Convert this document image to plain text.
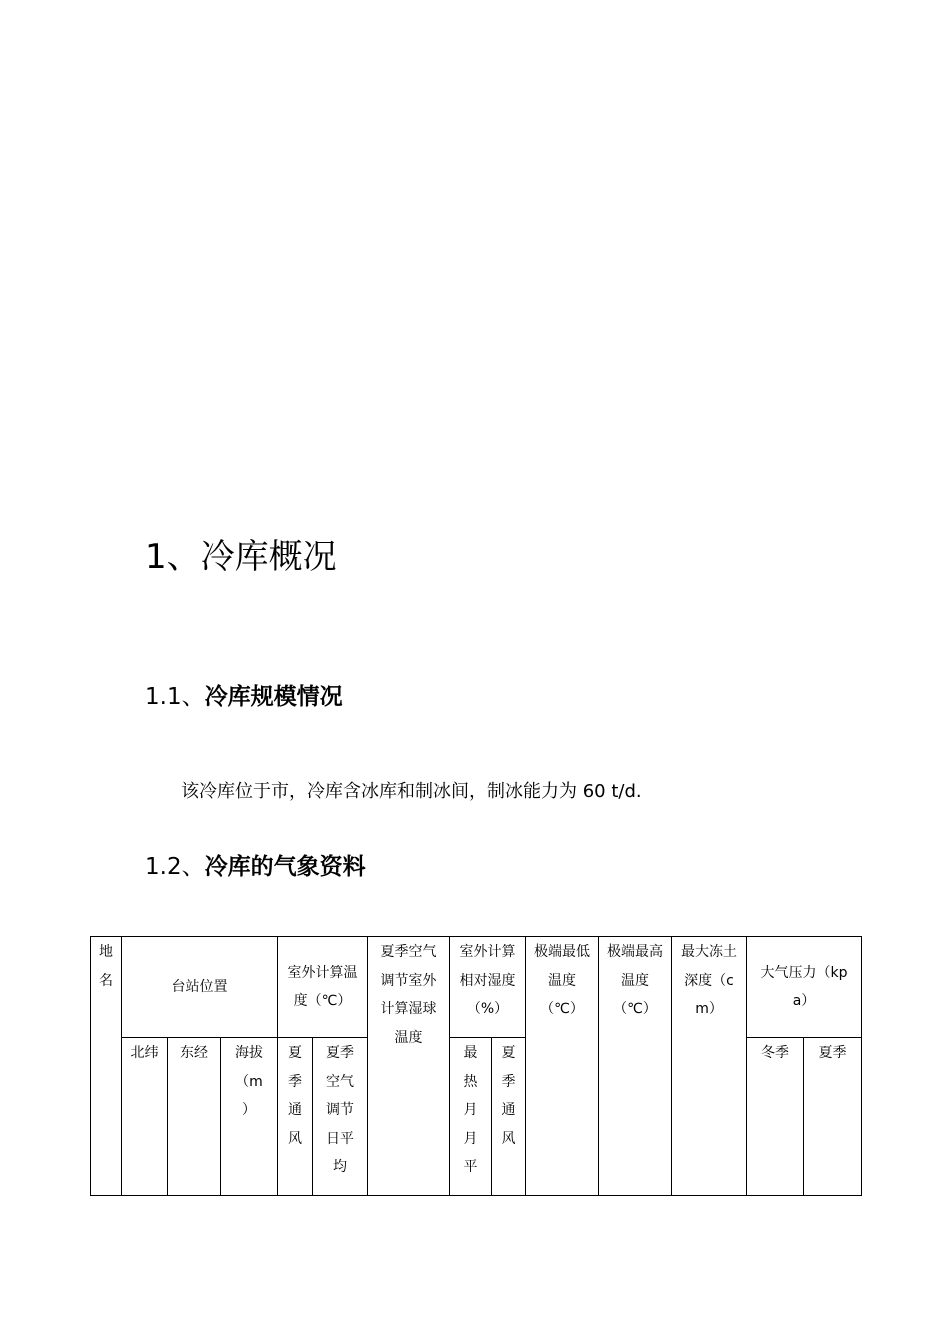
1、冷库概况
1.1、冷库规模情况
该冷库位于市，冷库含冰库和制冰间，制冰能力为 60 t/d.
1.2、冷库的气象资料
地名	台站位置			室外计算温度（℃）		夏季空气调节室外计算湿球温度	室外计算相对湿度（%）		极端最低温度（℃）	极端最高温度（℃）	最大冻土深度（cm）	大气压力（kpa）	
	北纬	东经	海拔（m）	夏季通风	夏季空气调节日平均		最热月月平	夏季通风				冬季	夏季
